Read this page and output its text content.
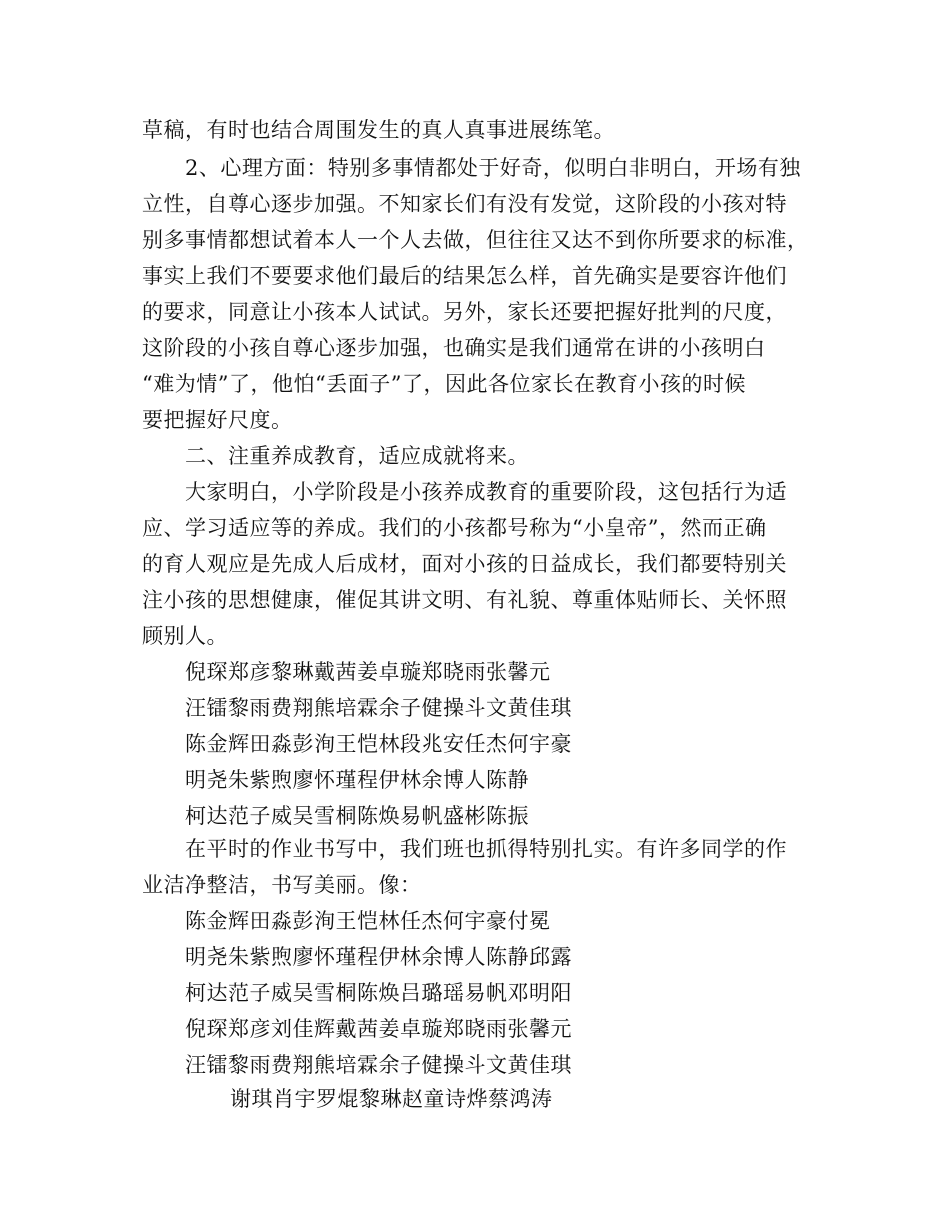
草稿，有时也结合周围发生的真人真事进展练笔。
2、心理方面：特别多事情都处于好奇，似明白非明白，开场有独
立性，自尊心逐步加强。不知家长们有没有发觉，这阶段的小孩对特
别多事情都想试着本人一个人去做，但往往又达不到你所要求的标准，
事实上我们不要要求他们最后的结果怎么样，首先确实是要容许他们
的要求，同意让小孩本人试试。另外，家长还要把握好批判的尺度，
这阶段的小孩自尊心逐步加强，也确实是我们通常在讲的小孩明白
“难为情”了，他怕“丢面子”了，因此各位家长在教育小孩的时候
要把握好尺度。
二、注重养成教育，适应成就将来。
大家明白，小学阶段是小孩养成教育的重要阶段，这包括行为适
应、学习适应等的养成。我们的小孩都号称为“小皇帝”，然而正确
的育人观应是先成人后成材，面对小孩的日益成长，我们都要特别关
注小孩的思想健康，催促其讲文明、有礼貌、尊重体贴师长、关怀照
顾别人。
倪琛郑彦黎琳戴茜姜卓璇郑晓雨张馨元
汪镭黎雨费翔熊培霖余子健操斗文黄佳琪
陈金辉田淼彭洵王恺林段兆安任杰何宇豪
明尧朱紫煦廖怀瑾程伊林余博人陈静
柯达范子威吴雪桐陈焕易帆盛彬陈振
在平时的作业书写中，我们班也抓得特别扎实。有许多同学的作
业洁净整洁，书写美丽。像：
陈金辉田淼彭洵王恺林任杰何宇豪付冕
明尧朱紫煦廖怀瑾程伊林余博人陈静邱露
柯达范子威吴雪桐陈焕吕璐瑶易帆邓明阳
倪琛郑彦刘佳辉戴茜姜卓璇郑晓雨张馨元
汪镭黎雨费翔熊培霖余子健操斗文黄佳琪
谢琪肖宇罗焜黎琳赵童诗烨蔡鸿涛
